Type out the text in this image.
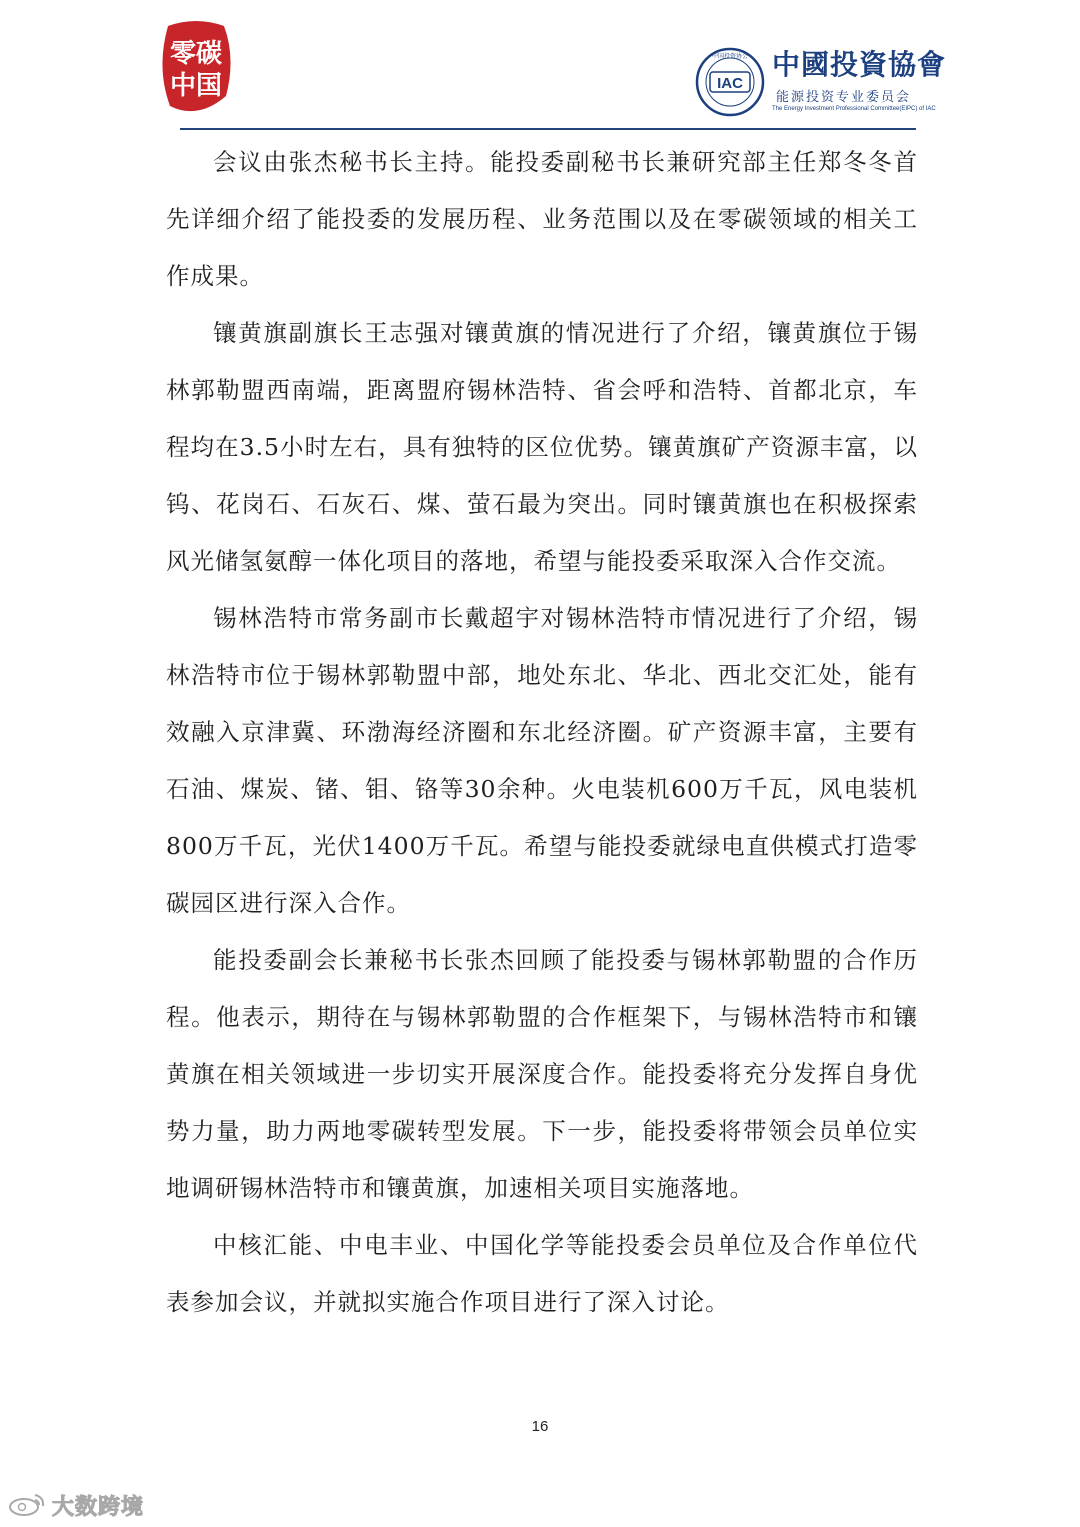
零碳
中国	IAC
中国投资协会 中國投資協會
能源投资专业委员会
The Energy Investment Professional Committee(EIPC) of IAC

会议由张杰秘书长主持。能投委副秘书长兼研究部主任郑冬冬首先详细介绍了能投委的发展历程、业务范围以及在零碳领域的相关工作成果。

镶黄旗副旗长王志强对镶黄旗的情况进行了介绍，镶黄旗位于锡林郭勒盟西南端，距离盟府锡林浩特、省会呼和浩特、首都北京，车程均在3.5小时左右，具有独特的区位优势。镶黄旗矿产资源丰富，以钨、花岗石、石灰石、煤、萤石最为突出。同时镶黄旗也在积极探索风光储氢氨醇一体化项目的落地，希望与能投委采取深入合作交流。

锡林浩特市常务副市长戴超宇对锡林浩特市情况进行了介绍，锡林浩特市位于锡林郭勒盟中部，地处东北、华北、西北交汇处，能有效融入京津冀、环渤海经济圈和东北经济圈。矿产资源丰富，主要有石油、煤炭、锗、钼、铬等30余种。火电装机600万千瓦，风电装机800万千瓦，光伏1400万千瓦。希望与能投委就绿电直供模式打造零碳园区进行深入合作。

能投委副会长兼秘书长张杰回顾了能投委与锡林郭勒盟的合作历程。他表示，期待在与锡林郭勒盟的合作框架下，与锡林浩特市和镶黄旗在相关领域进一步切实开展深度合作。能投委将充分发挥自身优势力量，助力两地零碳转型发展。下一步，能投委将带领会员单位实地调研锡林浩特市和镶黄旗，加速相关项目实施落地。

中核汇能、中电丰业、中国化学等能投委会员单位及合作单位代表参加会议，并就拟实施合作项目进行了深入讨论。

16
大数跨境
